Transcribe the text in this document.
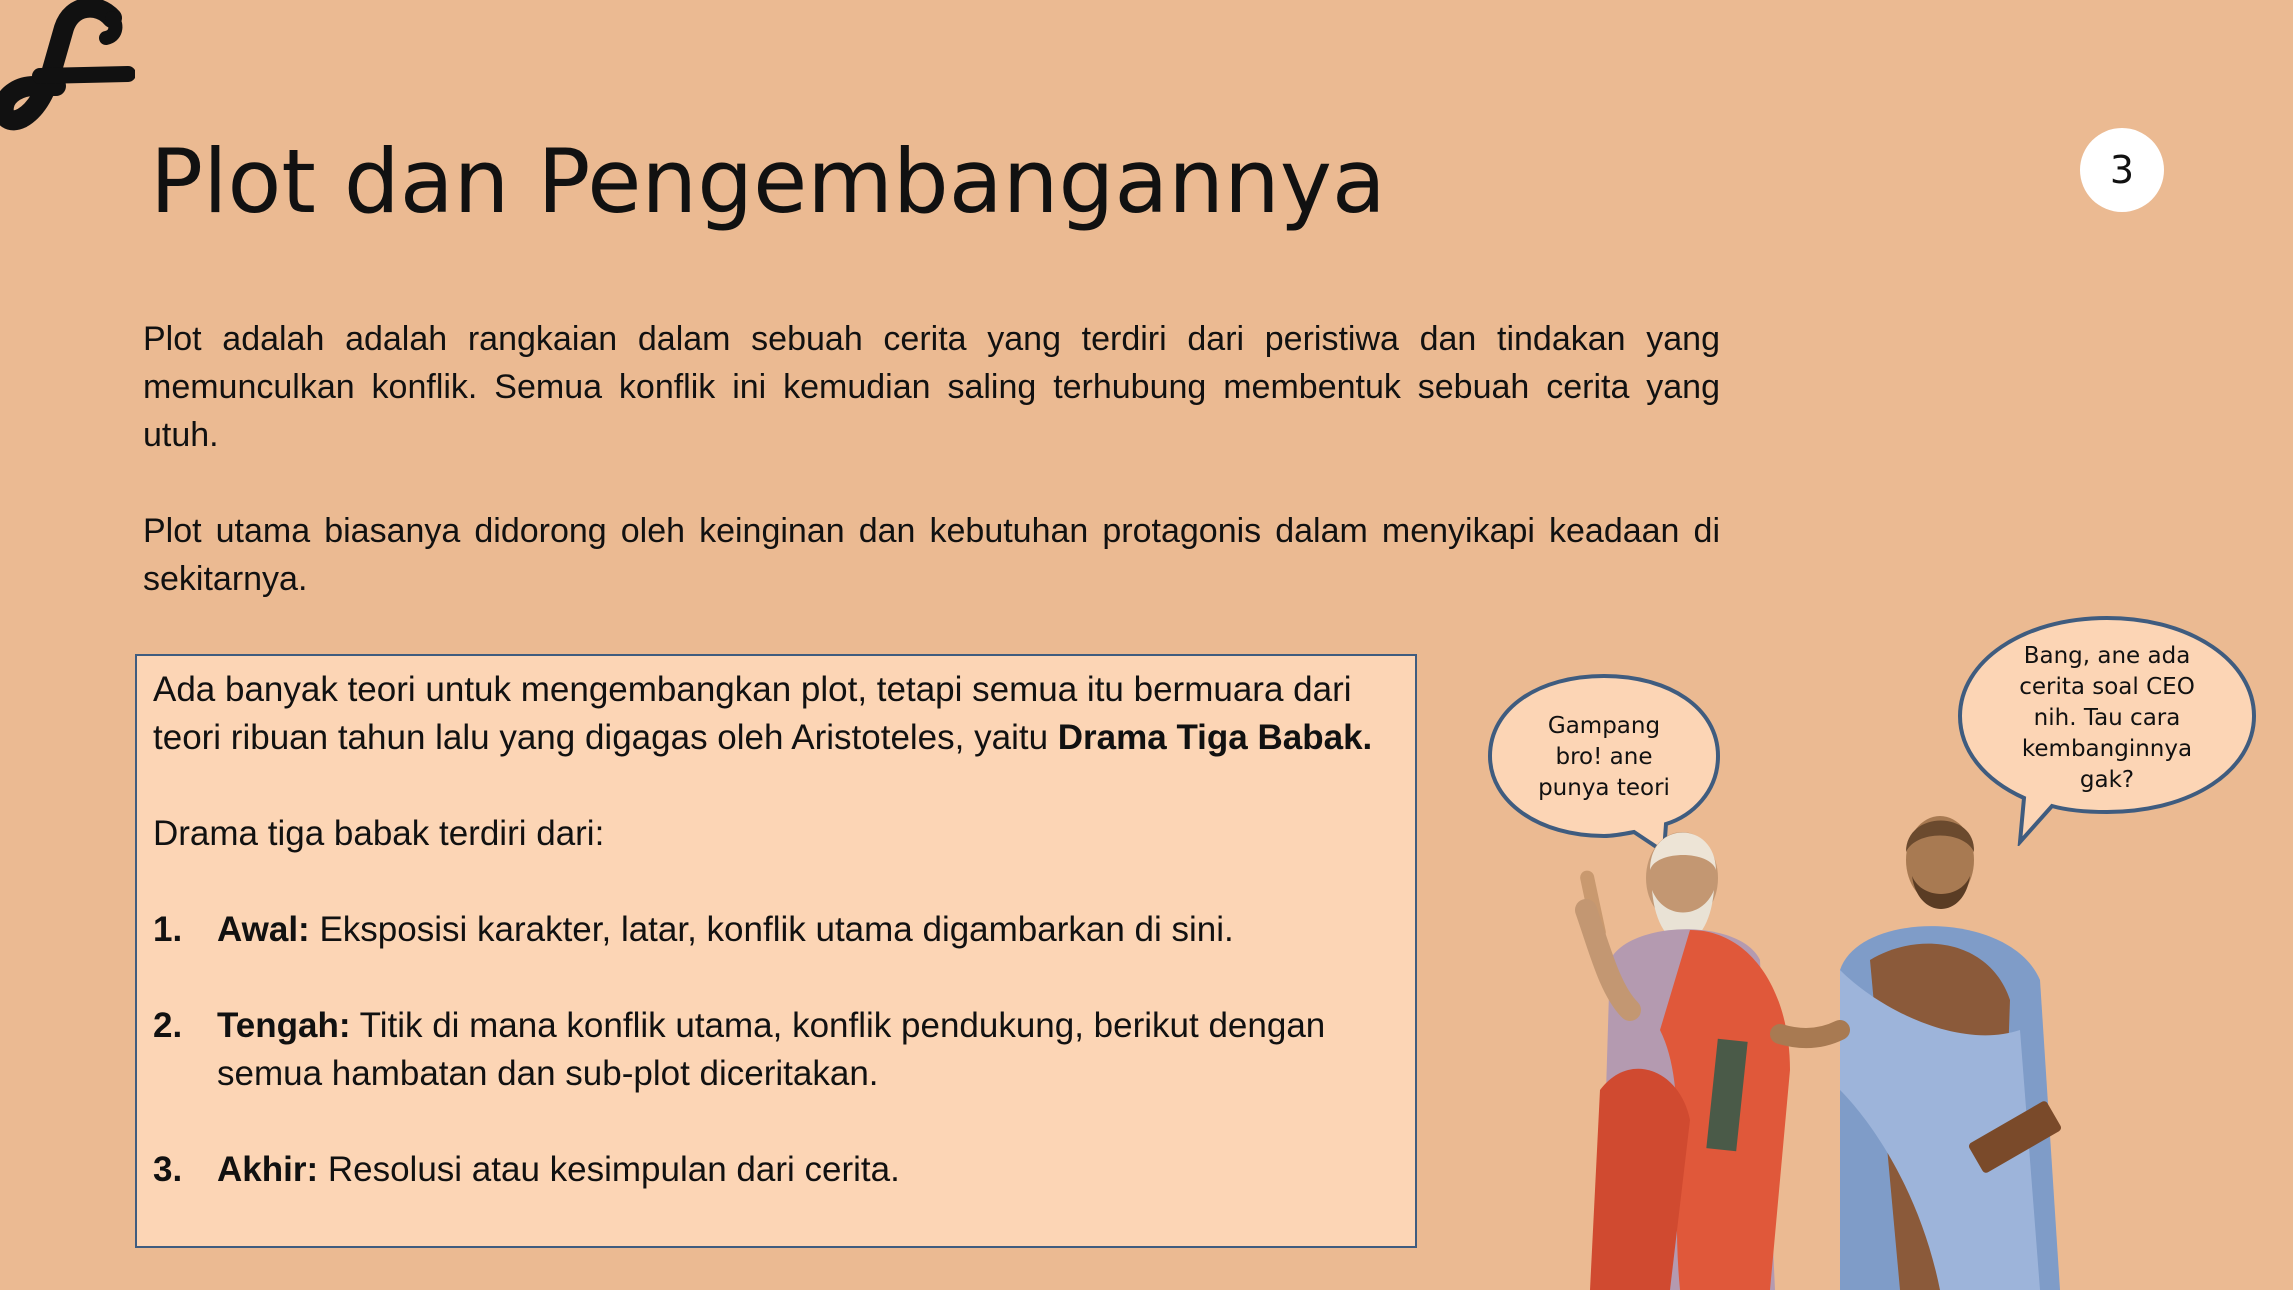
3
Plot dan Pengembangannya

Plot adalah adalah rangkaian dalam sebuah cerita yang terdiri dari peristiwa dan tindakan yang memunculkan konflik. Semua konflik ini kemudian saling terhubung membentuk sebuah cerita yang utuh.

Plot utama biasanya didorong oleh keinginan dan kebutuhan protagonis dalam menyikapi keadaan di sekitarnya.

Ada banyak teori untuk mengembangkan plot, tetapi semua itu bermuara dari teori ribuan tahun lalu yang digagas oleh Aristoteles, yaitu Drama Tiga Babak.

Drama tiga babak terdiri dari:

1. Awal: Eksposisi karakter, latar, konflik utama digambarkan di sini.
2. Tengah: Titik di mana konflik utama, konflik pendukung, berikut dengan semua hambatan dan sub-plot diceritakan.
3. Akhir: Resolusi atau kesimpulan dari cerita.
Gampang bro! ane punya teori
Bang, ane ada cerita soal CEO nih. Tau cara kembanginnya gak?
